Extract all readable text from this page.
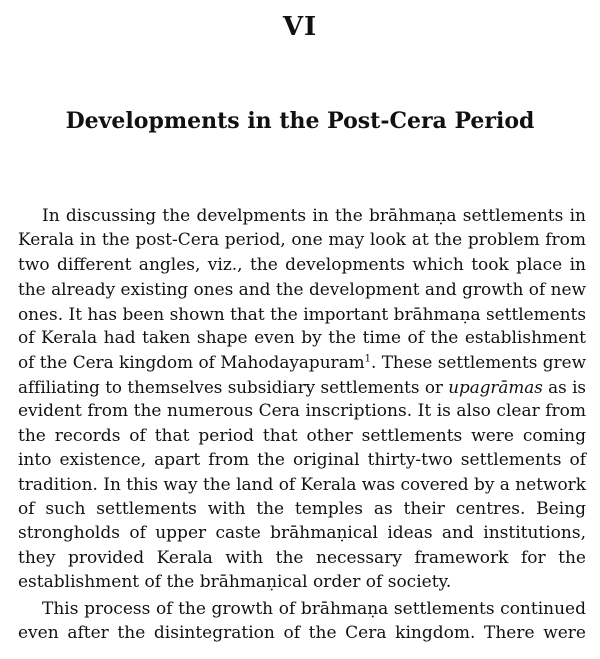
VI
Developments in the Post-Cera Period
In discussing the develpments in the brāhmaṇa settlements in
Kerala in the post-Cera period, one may look at the problem from
two different angles, viz., the developments which took place in
the already existing ones and the development and growth of new
ones. It has been shown that the important brāhmaṇa settlements
of Kerala had taken shape even by the time of the establishment
of the Cera kingdom of Mahodayapuram$^1$. These settlements grew
affiliating to themselves subsidiary settlements or upagrāmas as is
evident from the numerous Cera inscriptions. It is also clear from
the records of that period that other settlements were coming
into existence, apart from the original thirty-two settlements of
tradition. In this way the land of Kerala was covered by a network
of such settlements with the temples as their centres. Being
strongholds of upper caste brāhmaṇical ideas and institutions,
they provided Kerala with the necessary framework for the
establishment of the brāhmaṇical order of society.
This process of the growth of brāhmaṇa settlements continued
even after the disintegration of the Cera kingdom. There were
